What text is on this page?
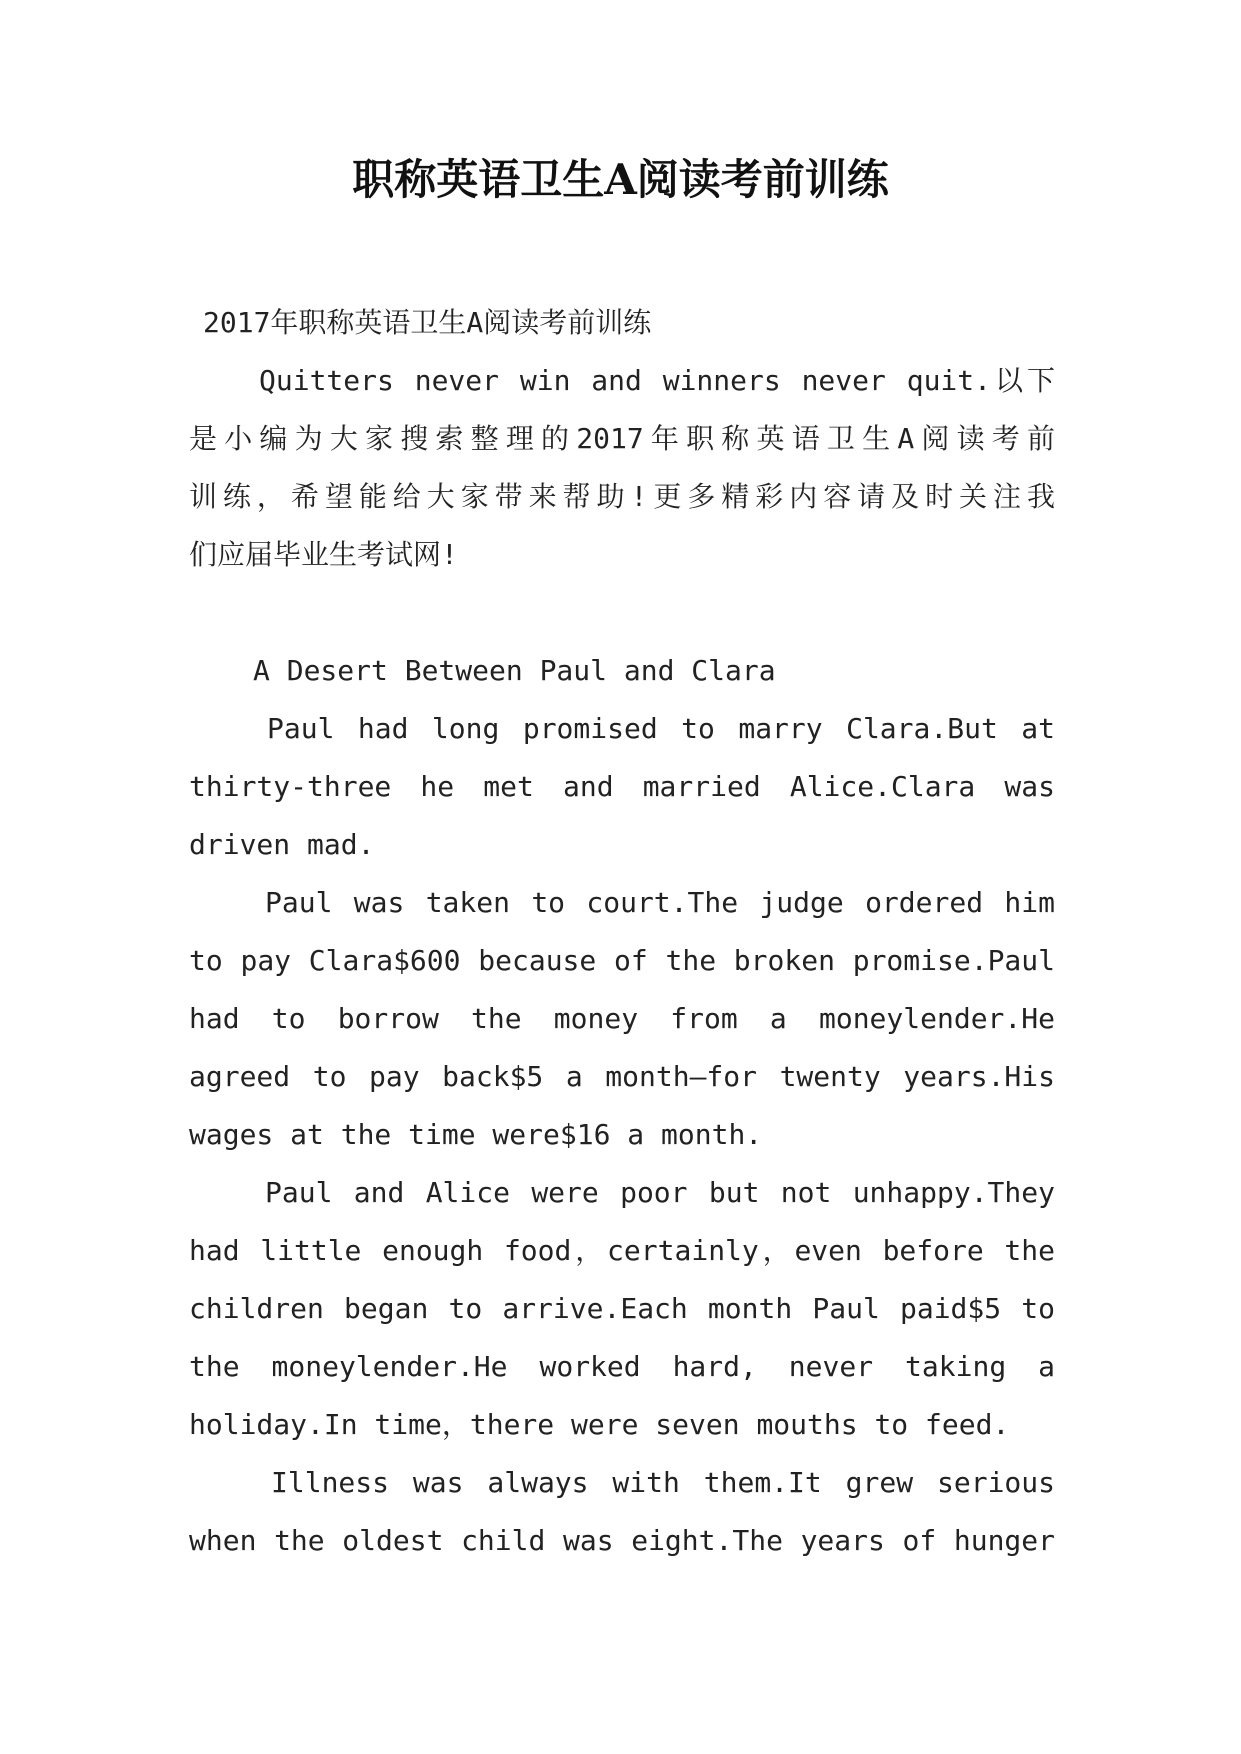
职称英语卫生A阅读考前训练

2017年职称英语卫生A阅读考前训练

Quitters never win and winners never quit.以下

是小编为大家搜索整理的2017年职称英语卫生A阅读考前

训练，希望能给大家带来帮助!更多精彩内容请及时关注我

们应届毕业生考试网!

A Desert Between Paul and Clara

Paul had long promised to marry Clara.But at

thirty-three he met and married Alice.Clara was

driven mad.

Paul was taken to court.The judge ordered him

to pay Clara$600 because of the broken promise.Paul

had to borrow the money from a moneylender.He

agreed to pay back$5 a month—for twenty years.His

wages at the time were$16 a month.

Paul and Alice were poor but not unhappy.They

had little enough food，certainly，even before the

children began to arrive.Each month Paul paid$5 to

the moneylender.He worked hard, never taking a

holiday.In time，there were seven mouths to feed.

Illness was always with them.It grew serious

when the oldest child was eight.The years of hunger
